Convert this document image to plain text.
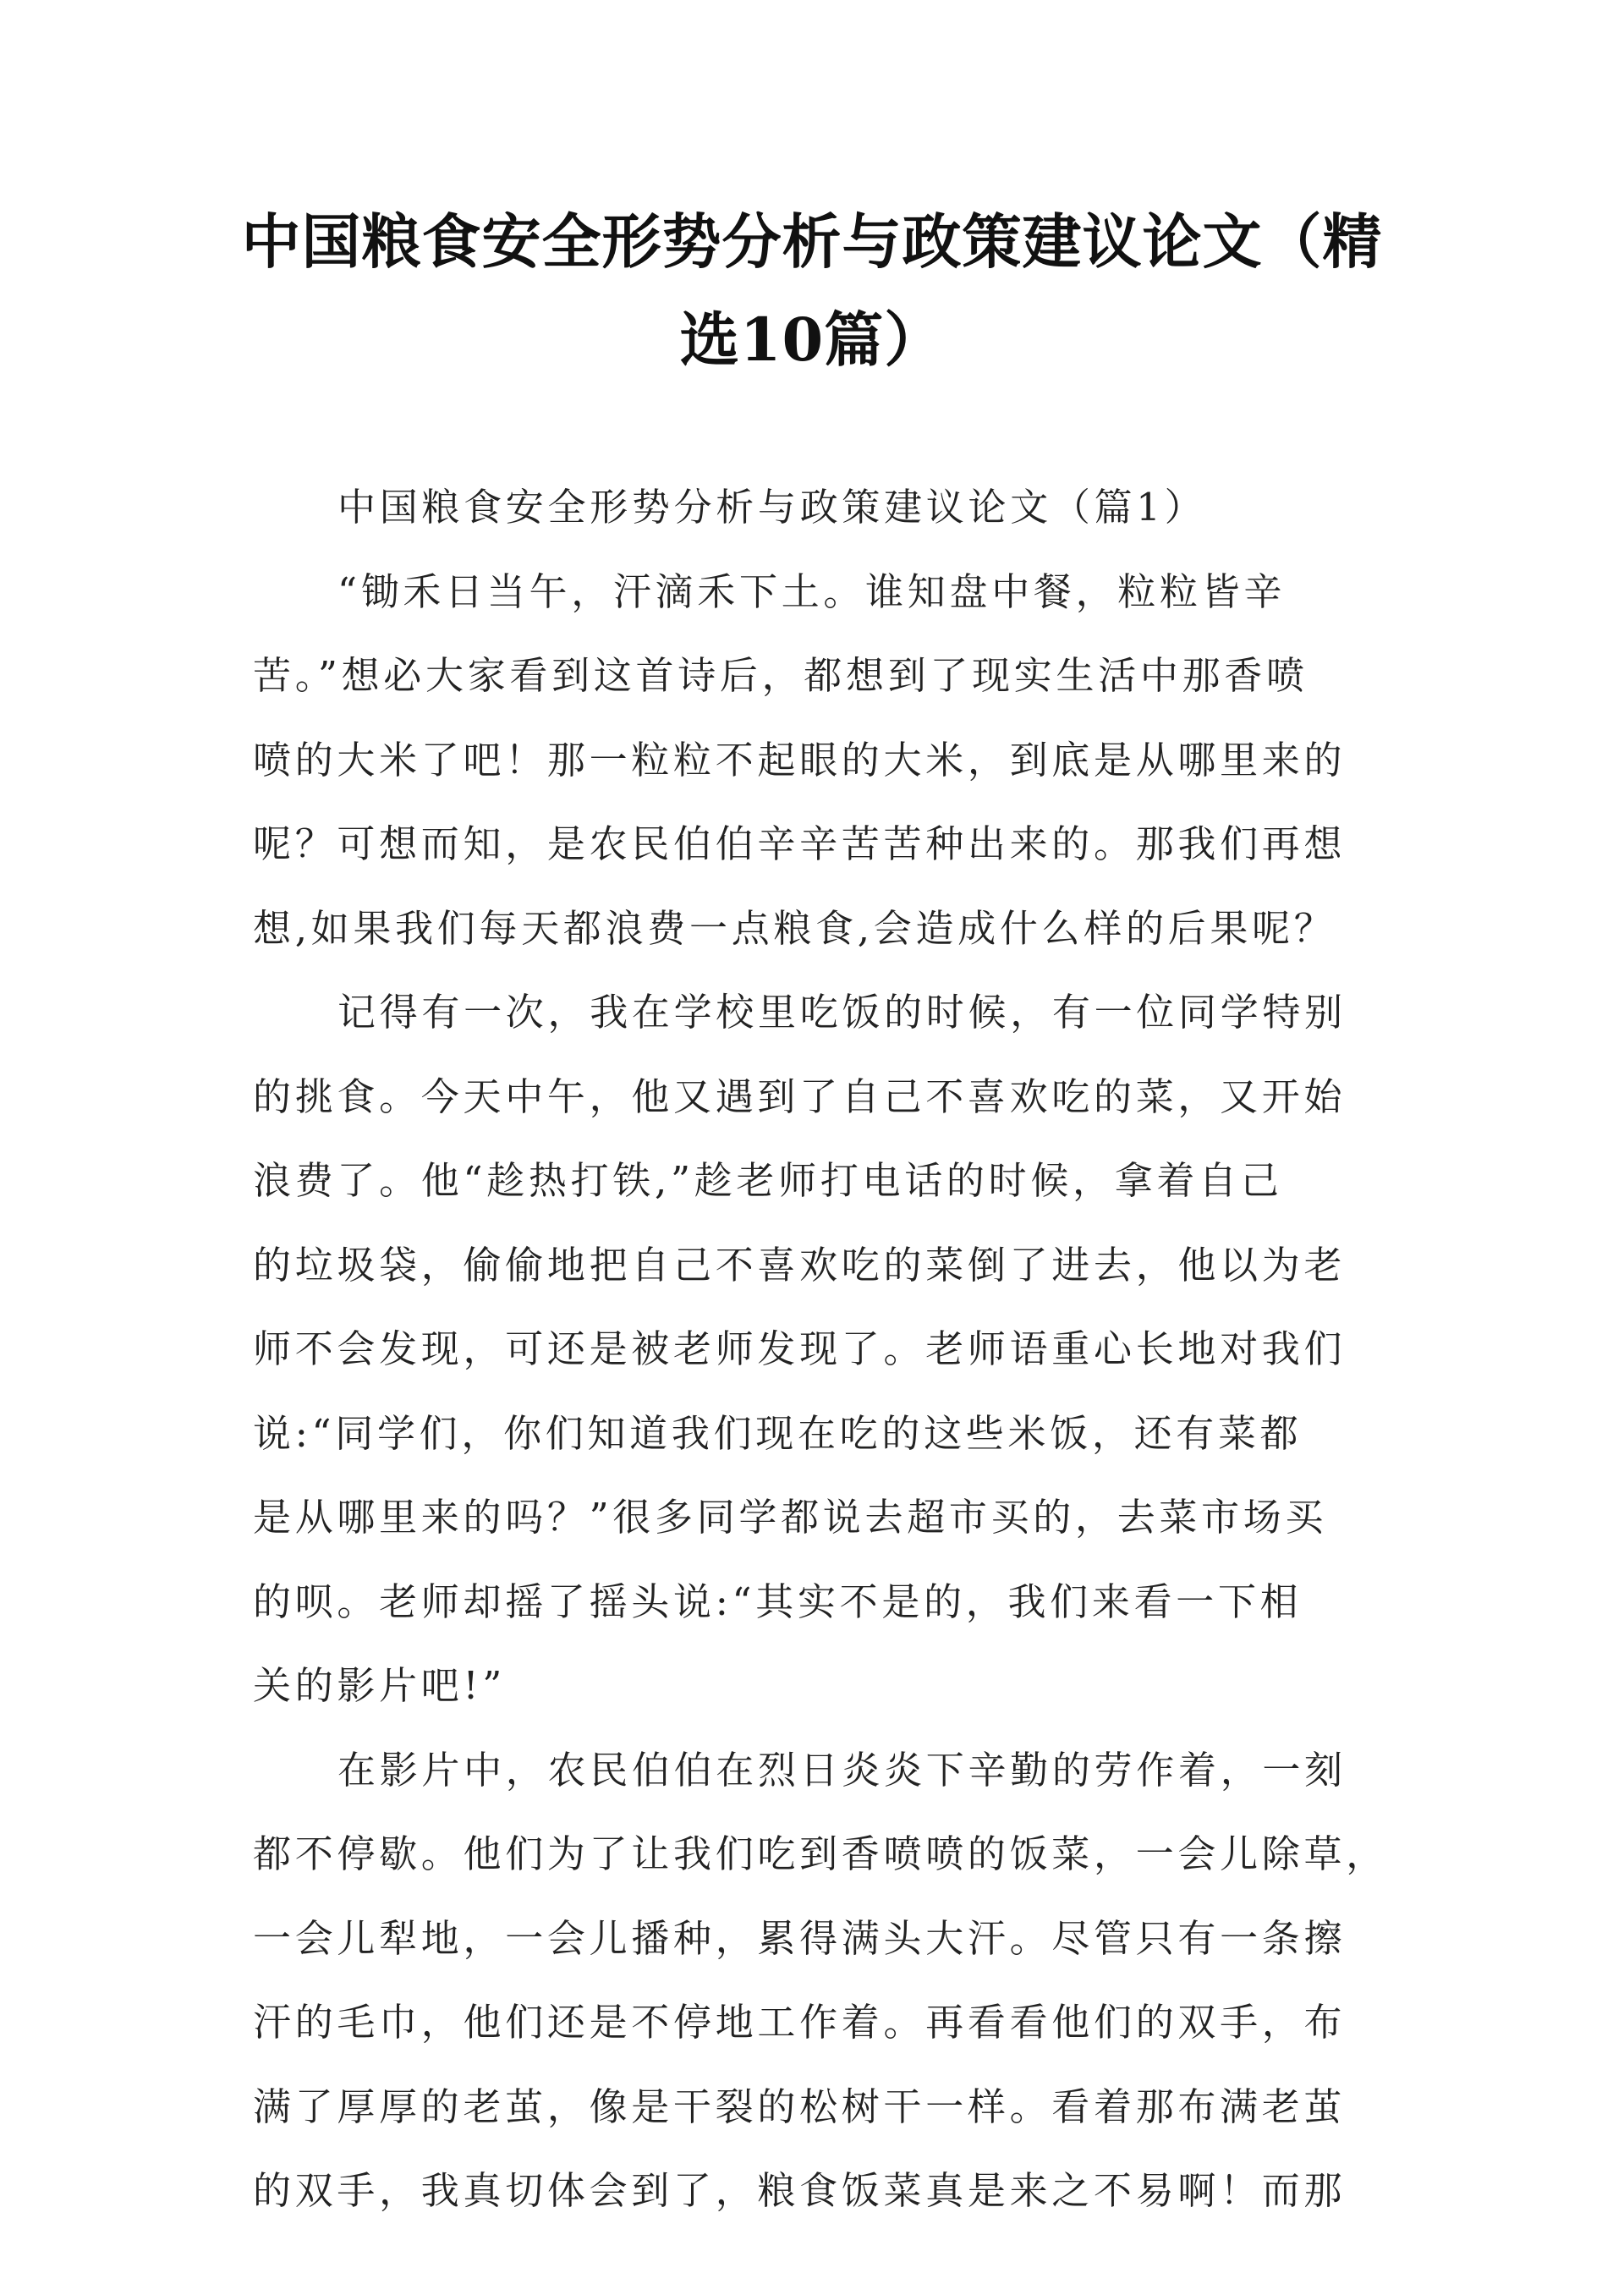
中国粮食安全形势分析与政策建议论文（精
选10篇）
中国粮食安全形势分析与政策建议论文（篇1）
“锄禾日当午，汗滴禾下土。谁知盘中餐，粒粒皆辛
苦。”想必大家看到这首诗后，都想到了现实生活中那香喷
喷的大米了吧！那一粒粒不起眼的大米，到底是从哪里来的
呢？可想而知，是农民伯伯辛辛苦苦种出来的。那我们再想
想,如果我们每天都浪费一点粮食,会造成什么样的后果呢？
记得有一次，我在学校里吃饭的时候，有一位同学特别
的挑食。今天中午，他又遇到了自己不喜欢吃的菜，又开始
浪费了。他“趁热打铁,”趁老师打电话的时候，拿着自己
的垃圾袋，偷偷地把自己不喜欢吃的菜倒了进去，他以为老
师不会发现，可还是被老师发现了。老师语重心长地对我们
说:“同学们，你们知道我们现在吃的这些米饭，还有菜都
是从哪里来的吗？”很多同学都说去超市买的，去菜市场买
的呗。老师却摇了摇头说:“其实不是的，我们来看一下相
关的影片吧!”
在影片中，农民伯伯在烈日炎炎下辛勤的劳作着，一刻
都不停歇。他们为了让我们吃到香喷喷的饭菜，一会儿除草，
一会儿犁地，一会儿播种，累得满头大汗。尽管只有一条擦
汗的毛巾，他们还是不停地工作着。再看看他们的双手，布
满了厚厚的老茧，像是干裂的松树干一样。看着那布满老茧
的双手，我真切体会到了，粮食饭菜真是来之不易啊！而那
